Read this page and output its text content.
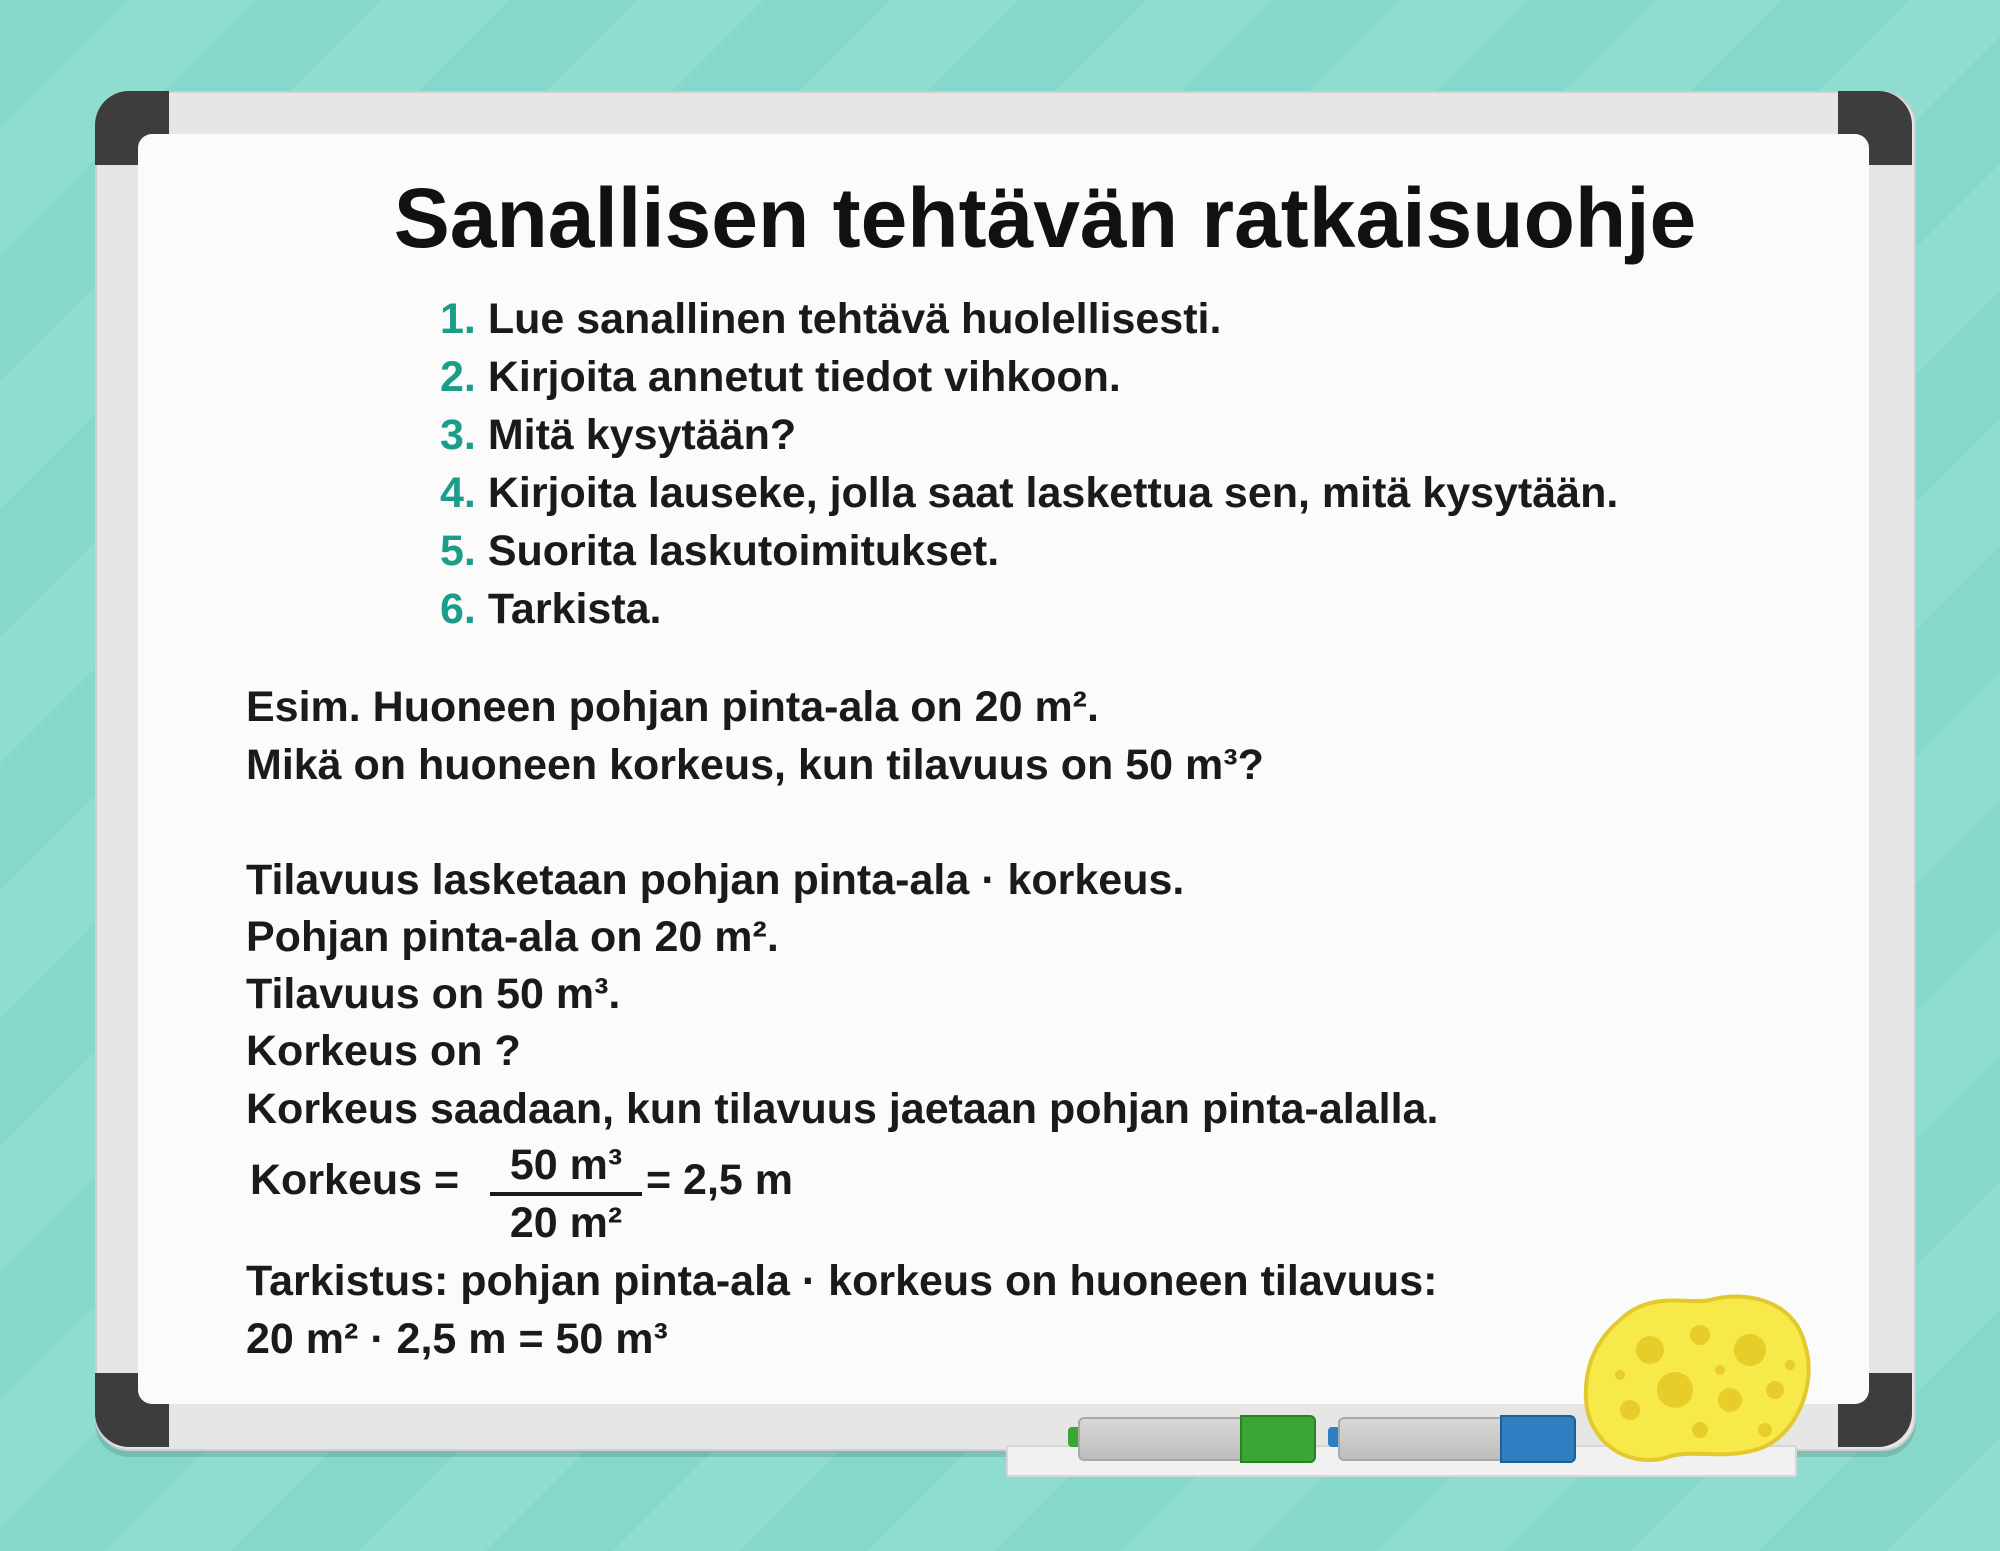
Sanallisen tehtävän ratkaisuohje
1. Lue sanallinen tehtävä huolellisesti.
2. Kirjoita annetut tiedot vihkoon.
3. Mitä kysytään?
4. Kirjoita lauseke, jolla saat laskettua sen, mitä kysytään.
5. Suorita laskutoimitukset.
6. Tarkista.
Esim. Huoneen pohjan pinta-ala on 20 m².
Mikä on huoneen korkeus, kun tilavuus on 50 m³?
Tilavuus lasketaan pohjan pinta-ala · korkeus.
Pohjan pinta-ala on 20 m².
Tilavuus on 50 m³.
Korkeus on ?
Korkeus saadaan, kun tilavuus jaetaan pohjan pinta-alalla.
Korkeus =	50 m³
20 m²
= 2,5 m
Tarkistus: pohjan pinta-ala · korkeus on huoneen tilavuus:
20 m² · 2,5 m = 50 m³
